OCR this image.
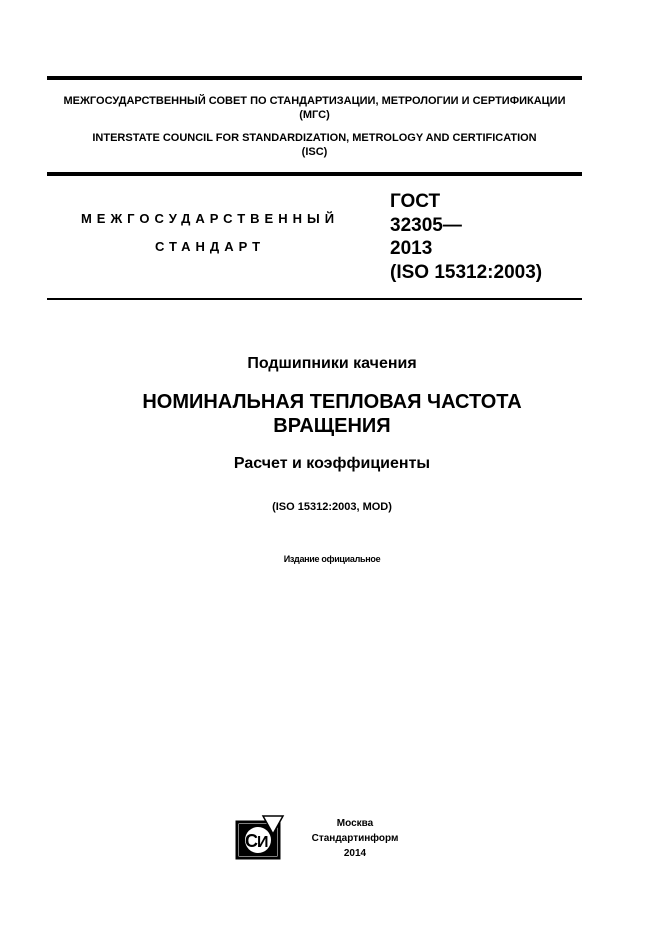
МЕЖГОСУДАРСТВЕННЫЙ СОВЕТ ПО СТАНДАРТИЗАЦИИ, МЕТРОЛОГИИ И СЕРТИФИКАЦИИ
(МГС)
INTERSTATE COUNCIL FOR STANDARDIZATION, METROLOGY AND CERTIFICATION
(ISC)
МЕЖГОСУДАРСТВЕННЫЙ
СТАНДАРТ
ГОСТ
32305—
2013
(ISO 15312:2003)
Подшипники качения
НОМИНАЛЬНАЯ ТЕПЛОВАЯ ЧАСТОТА
ВРАЩЕНИЯ
Расчет и коэффициенты
(ISO 15312:2003, MOD)
Издание официальное
С И
Москва
Стандартинформ
2014
